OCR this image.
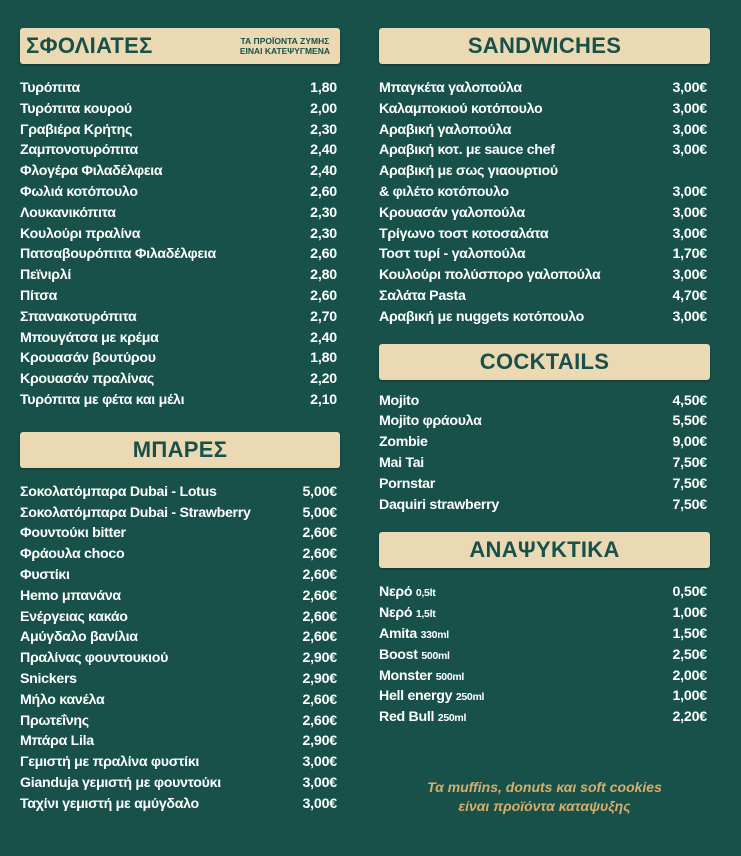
ΣΦΟΛΙΑΤΕΣ	ΤΑ ΠΡΟΪΟΝΤΑ ΖΥΜΗΣ
ΕΙΝΑΙ ΚΑΤΕΨΥΓΜΕΝΑ
Τυρόπιτα	1,80
Τυρόπιτα κουρού	2,00
Γραβιέρα Κρήτης	2,30
Ζαμπονοτυρόπιτα	2,40
Φλογέρα Φιλαδέλφεια	2,40
Φωλιά κοτόπουλο	2,60
Λουκανικόπιτα	2,30
Κουλούρι πραλίνα	2,30
Πατσαβουρόπιτα Φιλαδέλφεια	2,60
Πεϊνιρλί	2,80
Πίτσα	2,60
Σπανακοτυρόπιτα	2,70
Μπουγάτσα με κρέμα	2,40
Κρουασάν βουτύρου	1,80
Κρουασάν πραλίνας	2,20
Τυρόπιτα με φέτα και μέλι	2,10
ΜΠΑΡΕΣ
Σοκολατόμπαρα Dubai - Lotus	5,00€
Σοκολατόμπαρα Dubai - Strawberry	5,00€
Φουντούκι bitter	2,60€
Φράουλα choco	2,60€
Φυστίκι	2,60€
Hemo μπανάνα	2,60€
Ενέργειας κακάο	2,60€
Αμύγδαλο βανίλια	2,60€
Πραλίνας φουντουκιού	2,90€
Snickers	2,90€
Μήλο κανέλα	2,60€
Πρωτεΐνης	2,60€
Μπάρα Lila	2,90€
Γεμιστή με πραλίνα φυστίκι	3,00€
Gianduja γεμιστή με φουντούκι	3,00€
Ταχίνι γεμιστή με αμύγδαλο	3,00€
SANDWICHES
Μπαγκέτα γαλοπούλα	3,00€
Καλαμποκιού κοτόπουλο	3,00€
Αραβική γαλοπούλα	3,00€
Αραβική κοτ. με sauce chef	3,00€
Αραβική με σως γιαουρτιού
& φιλέτο κοτόπουλο	3,00€
Κρουασάν γαλοπούλα	3,00€
Τρίγωνο τοστ κοτοσαλάτα	3,00€
Τοστ τυρί - γαλοπούλα	1,70€
Κουλούρι πολύσπορο γαλοπούλα	3,00€
Σαλάτα Pasta	4,70€
Αραβική με nuggets κοτόπουλο	3,00€
COCKTAILS
Mojito	4,50€
Mojito φράουλα	5,50€
Zombie	9,00€
Mai Tai	7,50€
Pornstar	7,50€
Daquiri strawberry	7,50€
ΑΝΑΨΥΚΤΙΚΑ
Νερό 0,5lt	0,50€
Νερό 1,5lt	1,00€
Amita 330ml	1,50€
Boost 500ml	2,50€
Monster 500ml	2,00€
Hell energy 250ml	1,00€
Red Bull 250ml	2,20€
Τα muffins, donuts και soft cookies
είναι προϊόντα καταψυξης
